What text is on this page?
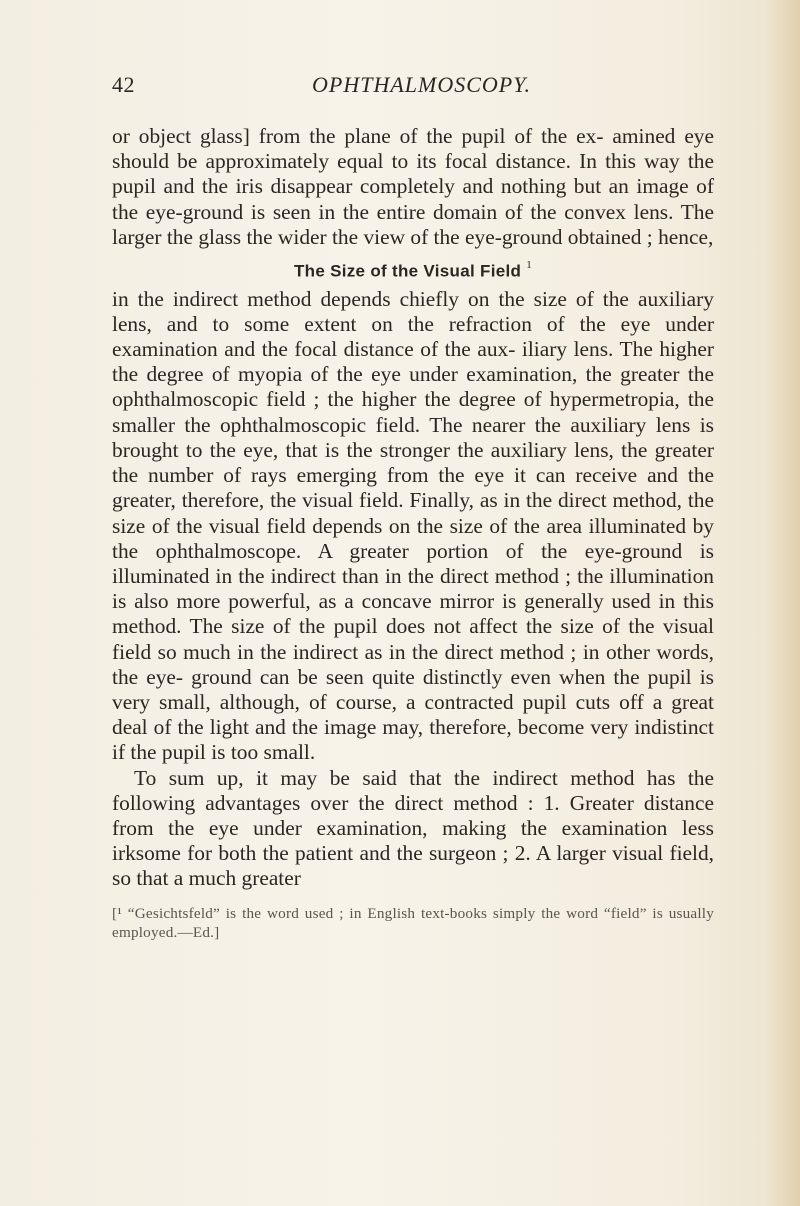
42	OPHTHALMOSCOPY.

or object glass] from the plane of the pupil of the ex- amined eye should be approximately equal to its focal distance. In this way the pupil and the iris disappear completely and nothing but an image of the eye-ground is seen in the entire domain of the convex lens. The larger the glass the wider the view of the eye-ground obtained ; hence,

The Size of the Visual Field $^1$

in the indirect method depends chiefly on the size of the auxiliary lens, and to some extent on the refraction of the eye under examination and the focal distance of the aux- iliary lens. The higher the degree of myopia of the eye under examination, the greater the ophthalmoscopic field ; the higher the degree of hypermetropia, the smaller the ophthalmoscopic field. The nearer the auxiliary lens is brought to the eye, that is the stronger the auxiliary lens, the greater the number of rays emerging from the eye it can receive and the greater, therefore, the visual field. Finally, as in the direct method, the size of the visual field depends on the size of the area illuminated by the ophthalmoscope. A greater portion of the eye-ground is illuminated in the indirect than in the direct method ; the illumination is also more powerful, as a concave mirror is generally used in this method. The size of the pupil does not affect the size of the visual field so much in the indirect as in the direct method ; in other words, the eye- ground can be seen quite distinctly even when the pupil is very small, although, of course, a contracted pupil cuts off a great deal of the light and the image may, therefore, become very indistinct if the pupil is too small.

To sum up, it may be said that the indirect method has the following advantages over the direct method : 1. Greater distance from the eye under examination, making the examination less irksome for both the patient and the surgeon ; 2. A larger visual field, so that a much greater

[¹ “Gesichtsfeld” is the word used ; in English text-books simply the word “field” is usually employed.—Ed.]
